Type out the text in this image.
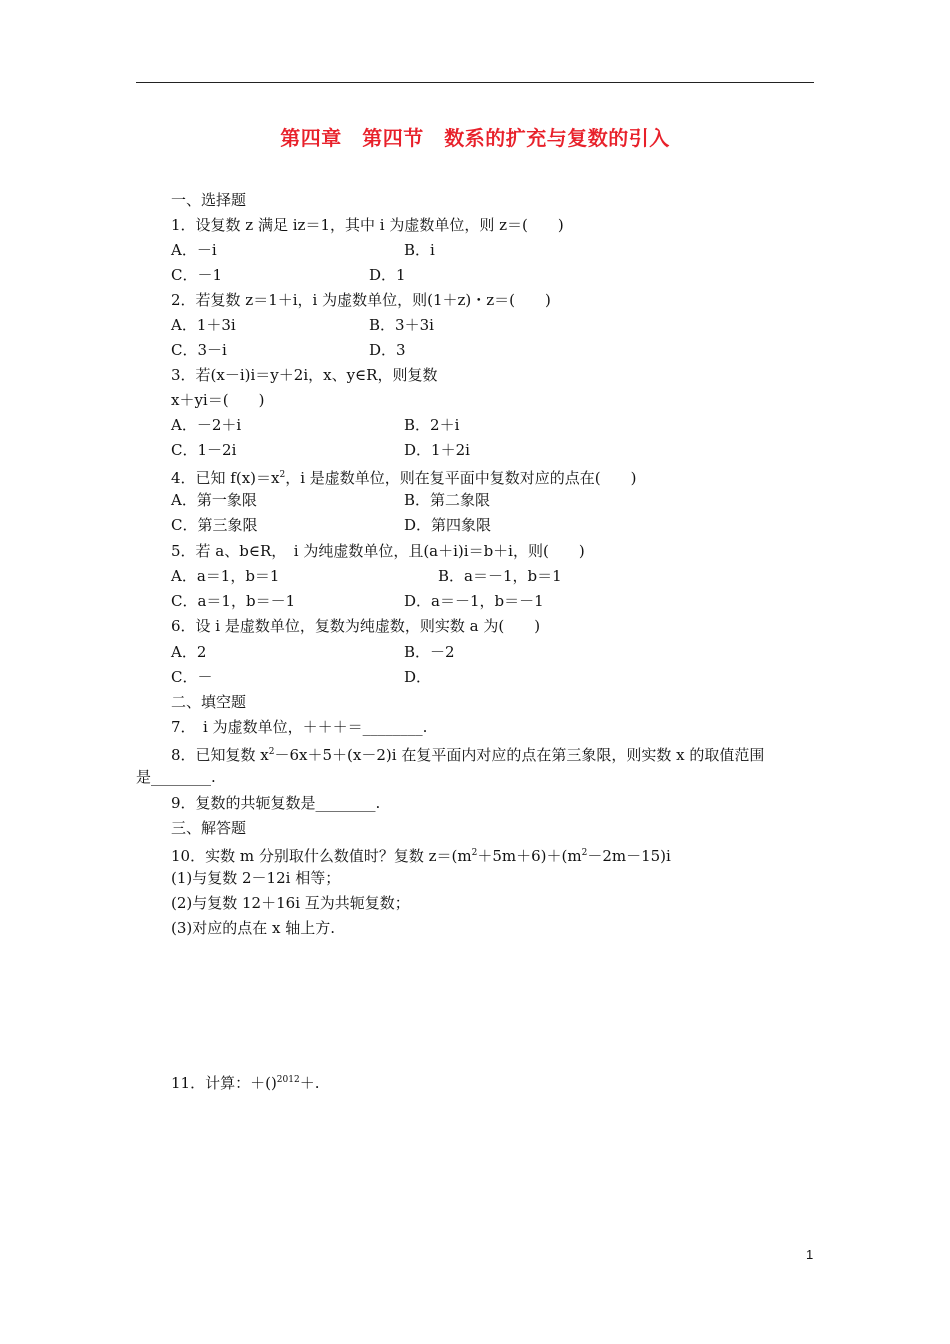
第四章　第四节　数系的扩充与复数的引入
一、选择题
1．设复数 z 满足 iz＝1，其中 i 为虚数单位，则 z＝(　　)
A．－i	B．i
C．－1	D．1
2．若复数 z＝1＋i，i 为虚数单位，则(1＋z)・z＝(　　)
A．1＋3i	B．3＋3i
C．3－i	D．3
3．若(x－i)i＝y＋2i，x、y∈R，则复数
x＋yi＝(　　)
A．－2＋i	B．2＋i
C．1－2i	D．1＋2i
4．已知 $f(x)=x^2$，i 是虚数单位，则在复平面中复数对应的点在(　　)
A．第一象限	B．第二象限
C．第三象限	D．第四象限
5．若 a、b∈R，　i 为纯虚数单位，且(a＋i)i＝b＋i，则(　　)
A．a＝1，b＝1	B．a＝－1，b＝1
C．a＝1，b＝－1	D．a＝－1，b＝－1
6．设 i 是虚数单位，复数为纯虚数，则实数 a 为(　　)
A．2	B．－2
C．－	D．
二、填空题
7．　i 为虚数单位，＋＋＋＝________.
8．已知复数 $x^2-6x+5+(x-2)i$ 在复平面内对应的点在第三象限，则实数 x 的取值范围
是________.
9．复数的共轭复数是________.
三、解答题
10．实数 m 分别取什么数值时？复数 $z=(m^2+5m+6)+(m^2-2m-15)i$
(1)与复数 2－12i 相等；
(2)与复数 12＋16i 互为共轭复数；
(3)对应的点在 x 轴上方.
11．计算：＋()$^{2012}$＋.
1
